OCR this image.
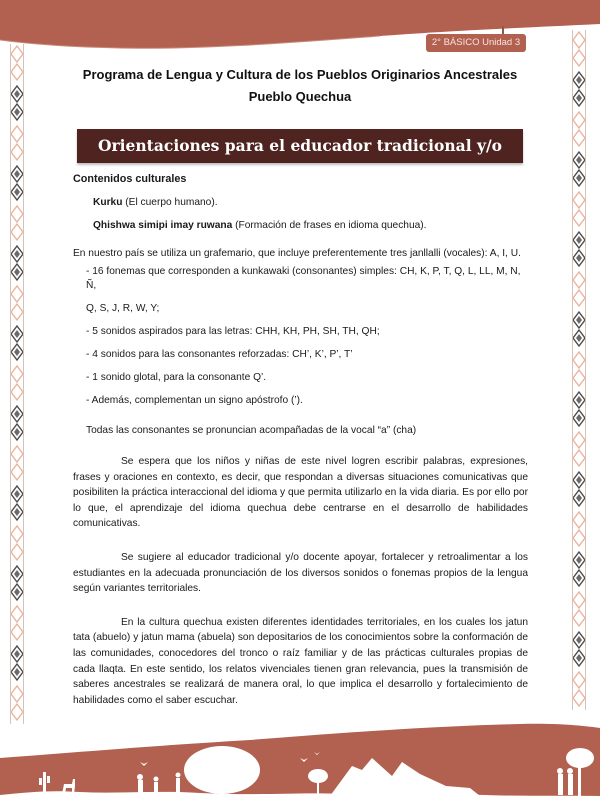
2° BÁSICO Unidad 3
Programa de Lengua y Cultura de los Pueblos Originarios Ancestrales
Pueblo Quechua
Orientaciones para el educador tradicional y/o docente
Contenidos culturales
Kurku (El cuerpo humano).
Qhishwa simipi imay ruwana (Formación de frases en idioma quechua).
En nuestro país se utiliza un grafemario, que incluye preferentemente tres janllalli (vocales): A, I, U.
- 16 fonemas que corresponden a kunkawaki (consonantes) simples: CH, K, P, T, Q, L, LL, M, N, Ñ,
Q, S, J, R, W, Y;
- 5 sonidos aspirados para las letras: CHH, KH, PH, SH, TH, QH;
- 4 sonidos para las consonantes reforzadas: CH’, K’, P’, T’
- 1 sonido glotal, para la consonante Q’.
- Además, complementan un signo apóstrofo (’).
Todas las consonantes se pronuncian acompañadas de la vocal “a” (cha)

Se espera que los niños y niñas de este nivel logren escribir palabras, expresiones, frases y oraciones en contexto, es decir, que respondan a diversas situaciones comunicativas que posibiliten la práctica interaccional del idioma y que permita utilizarlo en la vida diaria. Es por ello por lo que, el aprendizaje del idioma quechua debe centrarse en el desarrollo de habilidades comunicativas.

Se sugiere al educador tradicional y/o docente apoyar, fortalecer y retroalimentar a los estudiantes en la adecuada pronunciación de los diversos sonidos o fonemas propios de la lengua según variantes territoriales.

En la cultura quechua existen diferentes identidades territoriales, en los cuales los jatun tata (abuelo) y jatun mama (abuela) son depositarios de los conocimientos sobre la conformación de las comunidades, conocedores del tronco o raíz familiar y de las prácticas culturales propias de cada llaqta. En este sentido, los relatos vivenciales tienen gran relevancia, pues la transmisión de saberes ancestrales se realizará de manera oral, lo que implica el desarrollo y fortalecimiento de habilidades como el saber escuchar.
